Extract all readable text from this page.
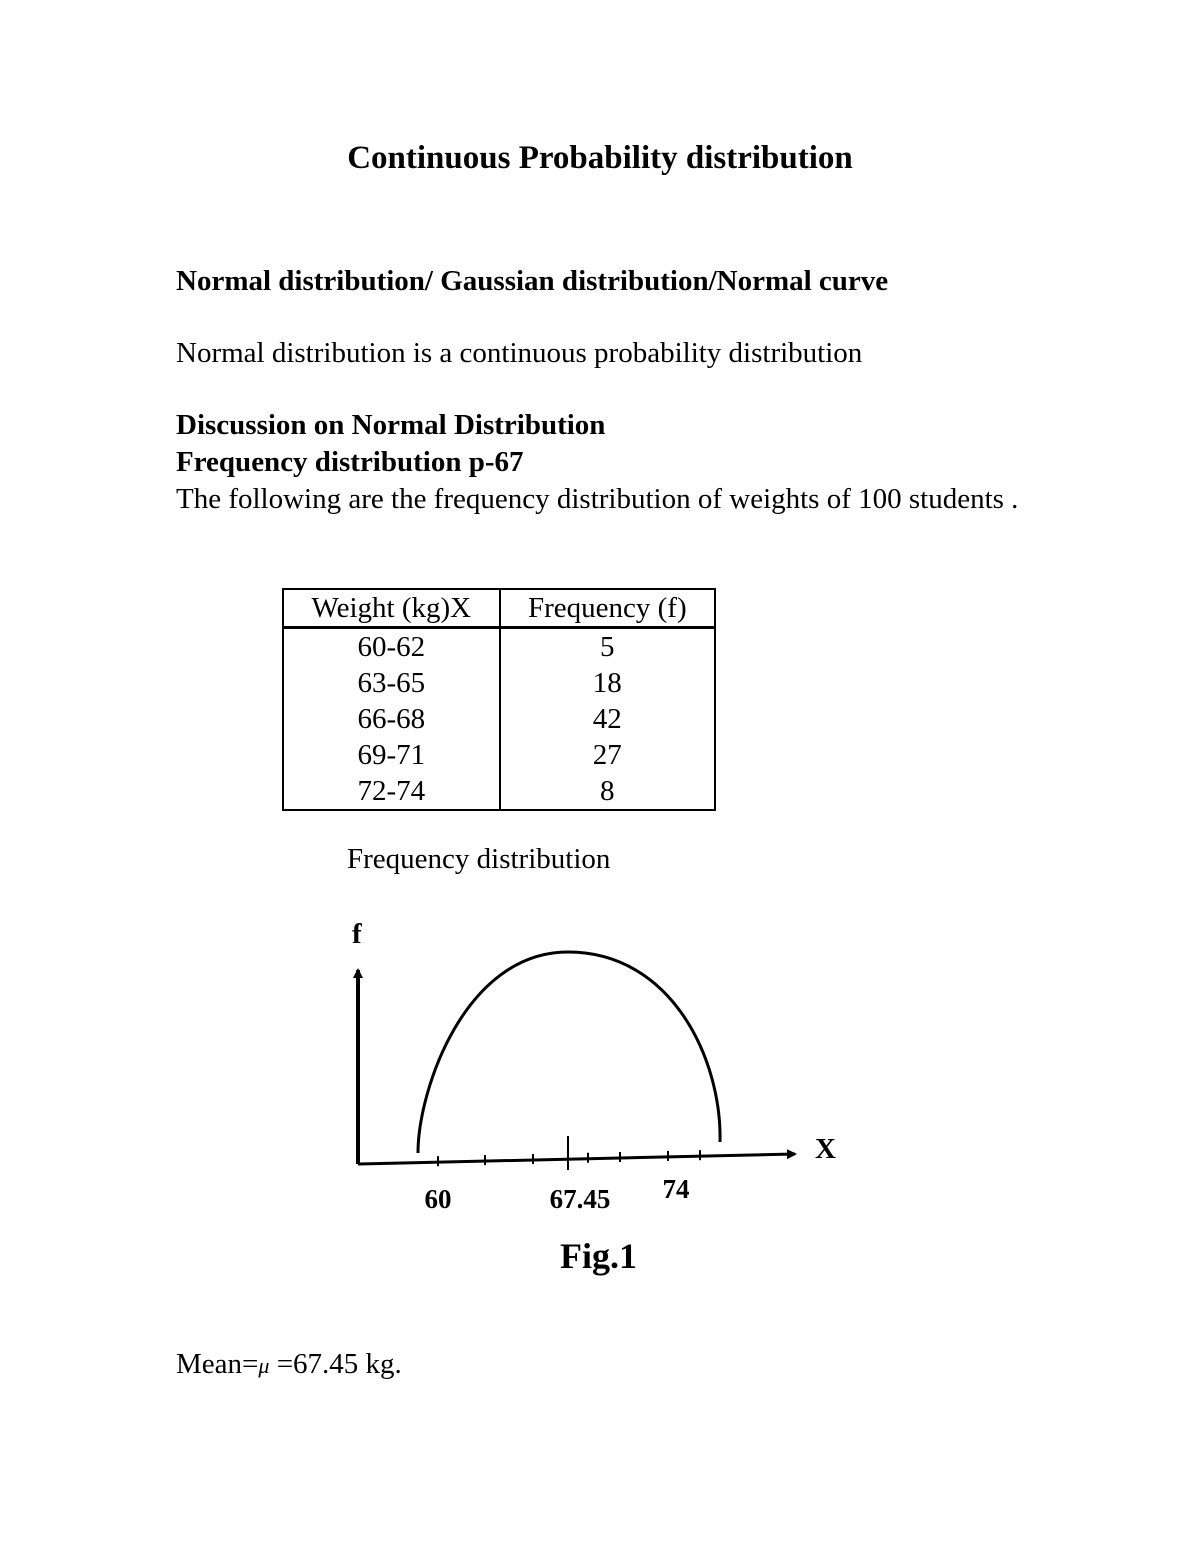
Continuous Probability distribution
Normal distribution/ Gaussian distribution/Normal curve
Normal distribution is a continuous probability distribution
Discussion on Normal Distribution
Frequency distribution p-67
The following are the frequency distribution of weights of 100 students .
Weight (kg)X	Frequency (f)
60-62	5
63-65	18
66-68	42
69-71	27
72-74	8
Frequency distribution
f
X
60	67.45 74
Fig.1
Mean=μ =67.45 kg.
